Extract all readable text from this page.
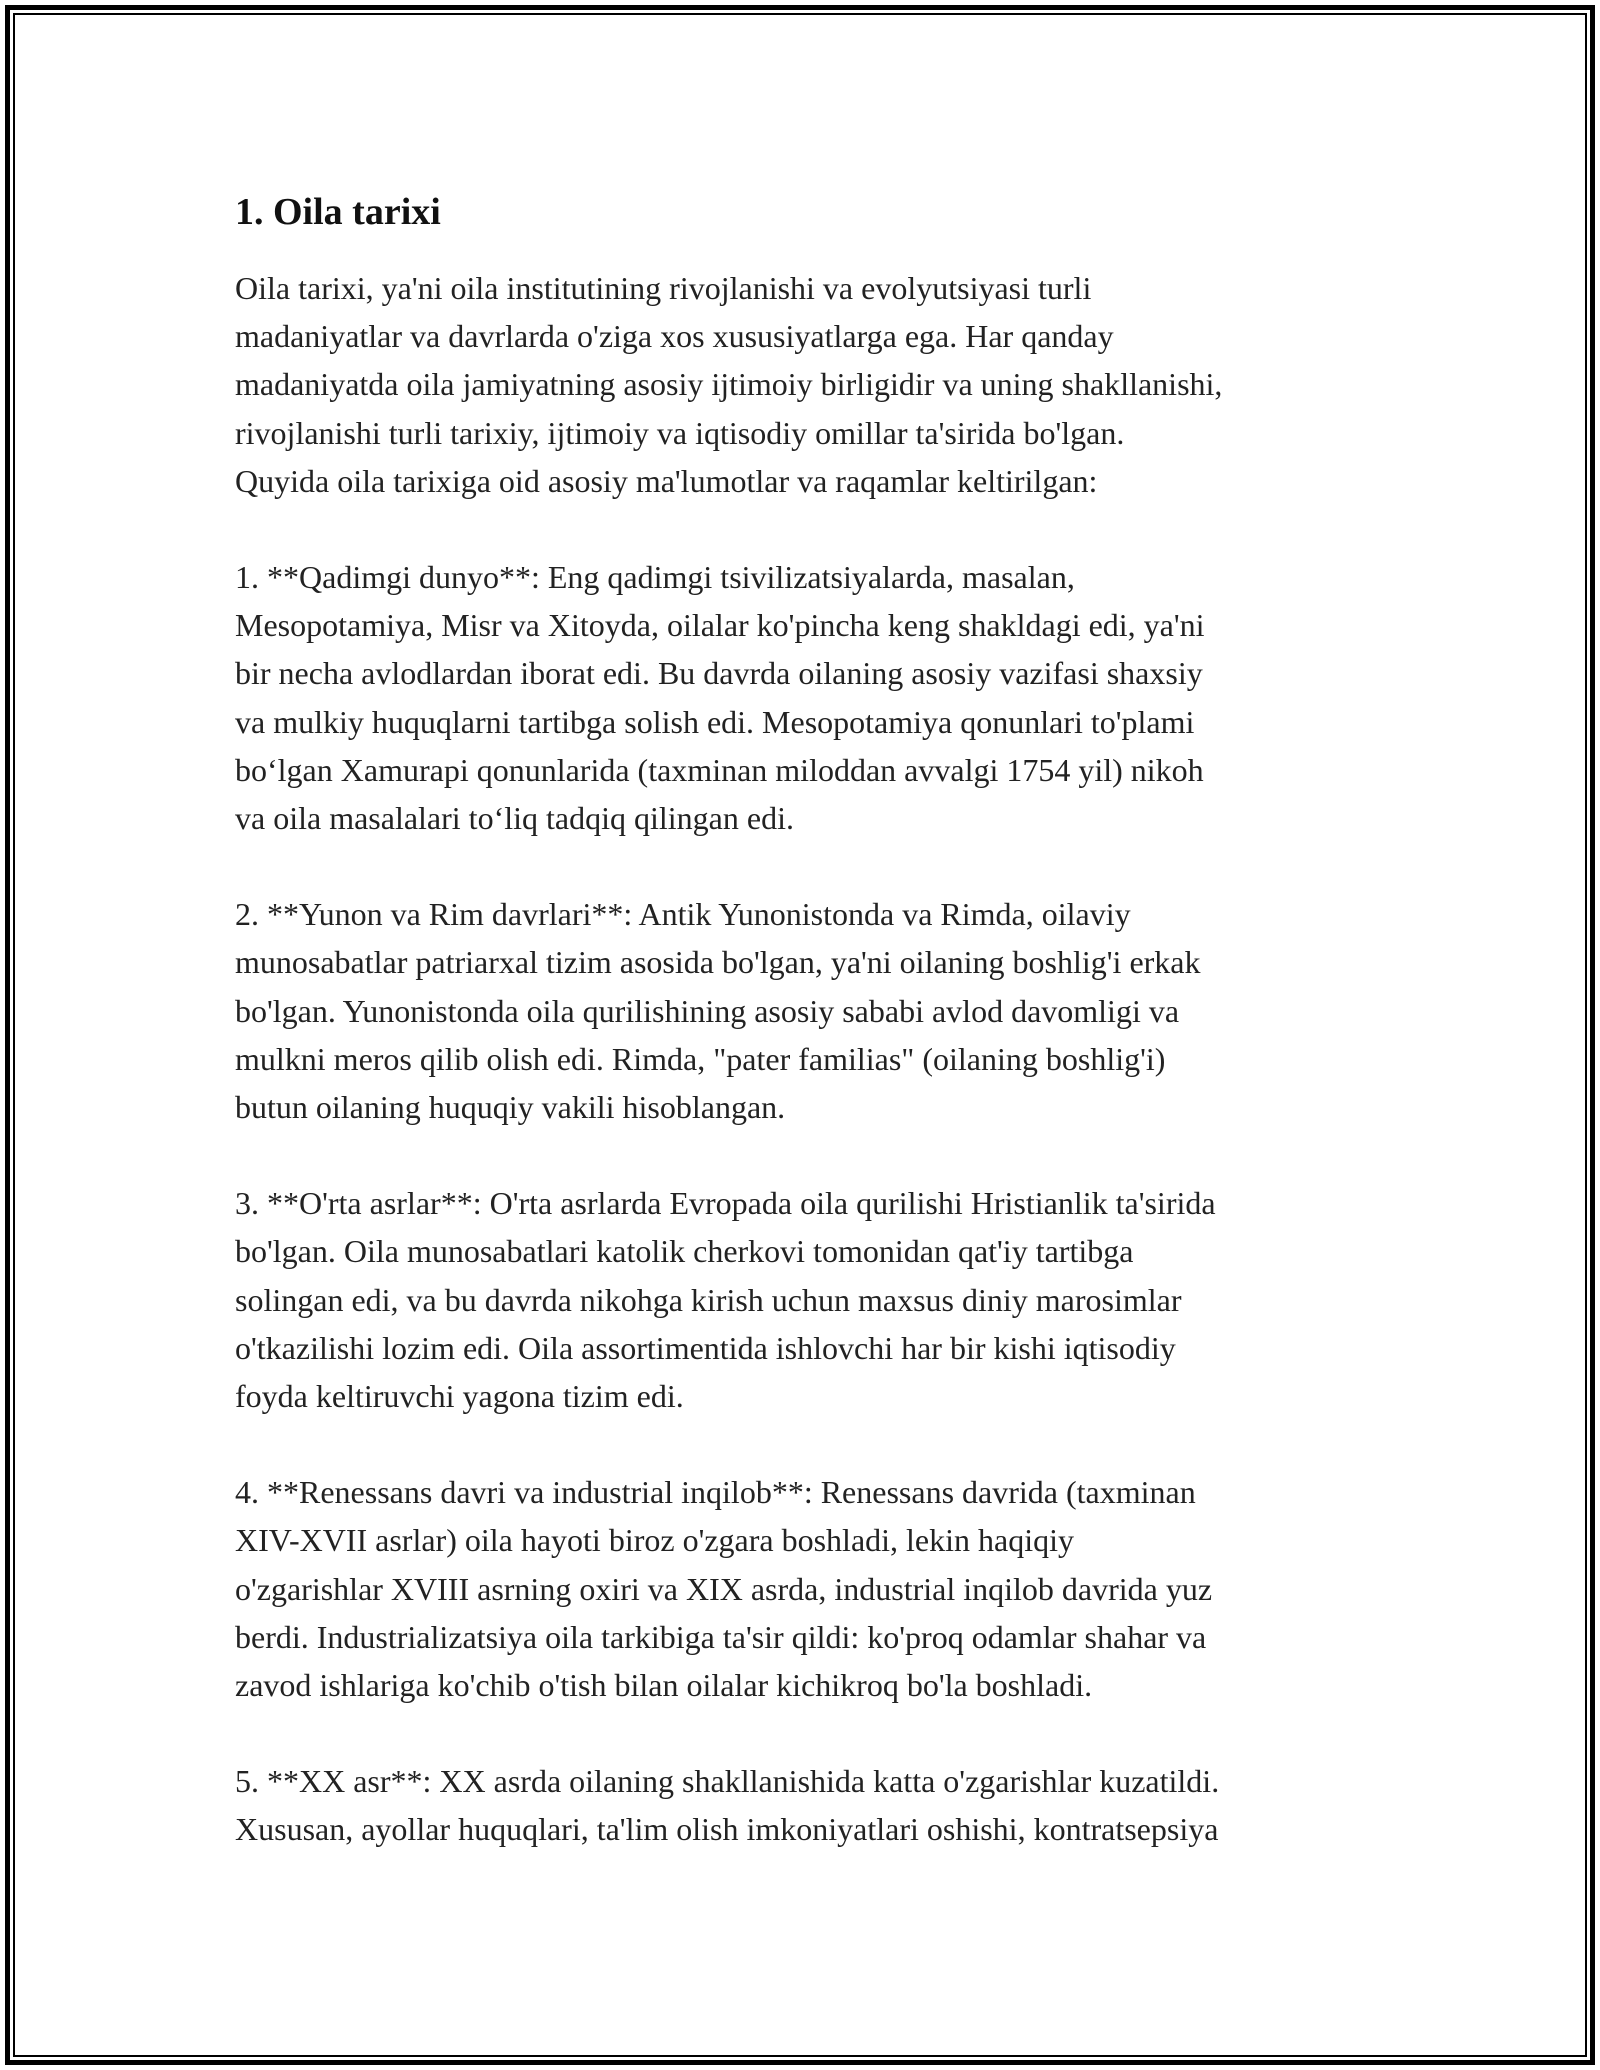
1. Oila tarixi

Oila tarixi, ya'ni oila institutining rivojlanishi va evolyutsiyasi turli
madaniyatlar va davrlarda o'ziga xos xususiyatlarga ega. Har qanday
madaniyatda oila jamiyatning asosiy ijtimoiy birligidir va uning shakllanishi,
rivojlanishi turli tarixiy, ijtimoiy va iqtisodiy omillar ta'sirida bo'lgan.
Quyida oila tarixiga oid asosiy ma'lumotlar va raqamlar keltirilgan:

1. **Qadimgi dunyo**: Eng qadimgi tsivilizatsiyalarda, masalan,
Mesopotamiya, Misr va Xitoyda, oilalar ko'pincha keng shakldagi edi, ya'ni
bir necha avlodlardan iborat edi. Bu davrda oilaning asosiy vazifasi shaxsiy
va mulkiy huquqlarni tartibga solish edi. Mesopotamiya qonunlari to'plami
bo‘lgan Xamurapi qonunlarida (taxminan miloddan avvalgi 1754 yil) nikoh
va oila masalalari to‘liq tadqiq qilingan edi.

2. **Yunon va Rim davrlari**: Antik Yunonistonda va Rimda, oilaviy
munosabatlar patriarxal tizim asosida bo'lgan, ya'ni oilaning boshlig'i erkak
bo'lgan. Yunonistonda oila qurilishining asosiy sababi avlod davomligi va
mulkni meros qilib olish edi. Rimda, "pater familias" (oilaning boshlig'i)
butun oilaning huquqiy vakili hisoblangan.

3. **O'rta asrlar**: O'rta asrlarda Evropada oila qurilishi Hristianlik ta'sirida
bo'lgan. Oila munosabatlari katolik cherkovi tomonidan qat'iy tartibga
solingan edi, va bu davrda nikohga kirish uchun maxsus diniy marosimlar
o'tkazilishi lozim edi. Oila assortimentida ishlovchi har bir kishi iqtisodiy
foyda keltiruvchi yagona tizim edi.

4. **Renessans davri va industrial inqilob**: Renessans davrida (taxminan
XIV-XVII asrlar) oila hayoti biroz o'zgara boshladi, lekin haqiqiy
o'zgarishlar XVIII asrning oxiri va XIX asrda, industrial inqilob davrida yuz
berdi. Industrializatsiya oila tarkibiga ta'sir qildi: ko'proq odamlar shahar va
zavod ishlariga ko'chib o'tish bilan oilalar kichikroq bo'la boshladi.

5. **XX asr**: XX asrda oilaning shakllanishida katta o'zgarishlar kuzatildi.
Xususan, ayollar huquqlari, ta'lim olish imkoniyatlari oshishi, kontratsepsiya
